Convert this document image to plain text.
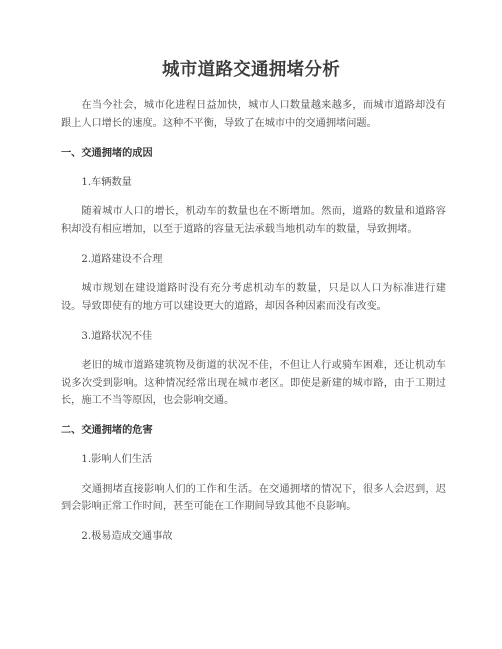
城市道路交通拥堵分析

在当今社会，城市化进程日益加快，城市人口数量越来越多，而城市道路却没有跟上人口增长的速度。这种不平衡，导致了在城市中的交通拥堵问题。

一、交通拥堵的成因

1.车辆数量

随着城市人口的增长，机动车的数量也在不断增加。然而，道路的数量和道路容积却没有相应增加，以至于道路的容量无法承载当地机动车的数量，导致拥堵。

2.道路建设不合理

城市规划在建设道路时没有充分考虑机动车的数量，只是以人口为标准进行建设。导致即使有的地方可以建设更大的道路，却因各种因素而没有改变。

3.道路状况不佳

老旧的城市道路建筑物及街道的状况不佳，不但让人行或骑车困难，还让机动车说多次受到影响。这种情况经常出现在城市老区。即使是新建的城市路，由于工期过长，施工不当等原因，也会影响交通。

二、交通拥堵的危害

1.影响人们生活

交通拥堵直接影响人们的工作和生活。在交通拥堵的情况下，很多人会迟到，迟到会影响正常工作时间，甚至可能在工作期间导致其他不良影响。

2.极易造成交通事故
